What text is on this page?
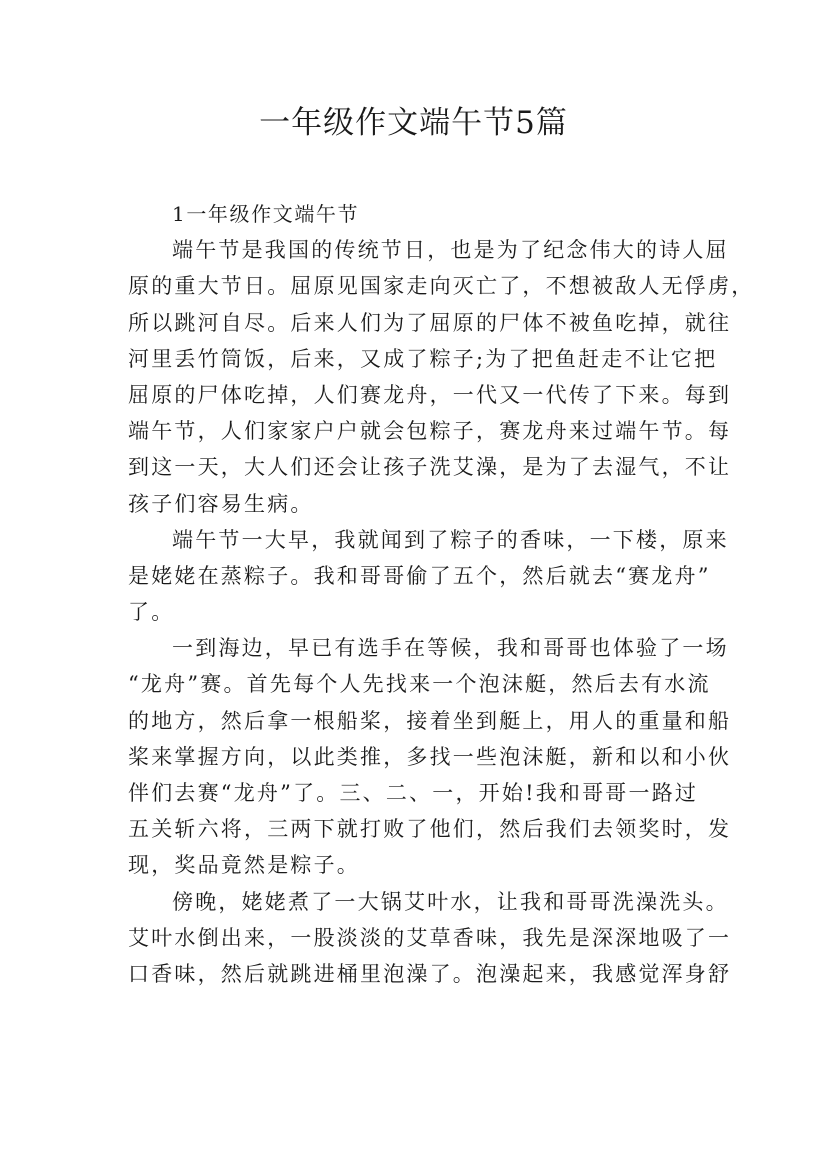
一年级作文端午节5篇
1一年级作文端午节
端午节是我国的传统节日，也是为了纪念伟大的诗人屈
原的重大节日。屈原见国家走向灭亡了，不想被敌人无俘虏，
所以跳河自尽。后来人们为了屈原的尸体不被鱼吃掉，就往
河里丢竹筒饭，后来，又成了粽子;为了把鱼赶走不让它把
屈原的尸体吃掉，人们赛龙舟，一代又一代传了下来。每到
端午节，人们家家户户就会包粽子，赛龙舟来过端午节。每
到这一天，大人们还会让孩子洗艾澡，是为了去湿气，不让
孩子们容易生病。
端午节一大早，我就闻到了粽子的香味，一下楼，原来
是姥姥在蒸粽子。我和哥哥偷了五个，然后就去“赛龙舟”
了。
一到海边，早已有选手在等候，我和哥哥也体验了一场
“龙舟”赛。首先每个人先找来一个泡沫艇，然后去有水流
的地方，然后拿一根船桨，接着坐到艇上，用人的重量和船
桨来掌握方向，以此类推，多找一些泡沫艇，新和以和小伙
伴们去赛“龙舟”了。三、二、一，开始!我和哥哥一路过
五关斩六将，三两下就打败了他们，然后我们去领奖时，发
现，奖品竟然是粽子。
傍晚，姥姥煮了一大锅艾叶水，让我和哥哥洗澡洗头。
艾叶水倒出来，一股淡淡的艾草香味，我先是深深地吸了一
口香味，然后就跳进桶里泡澡了。泡澡起来，我感觉浑身舒
